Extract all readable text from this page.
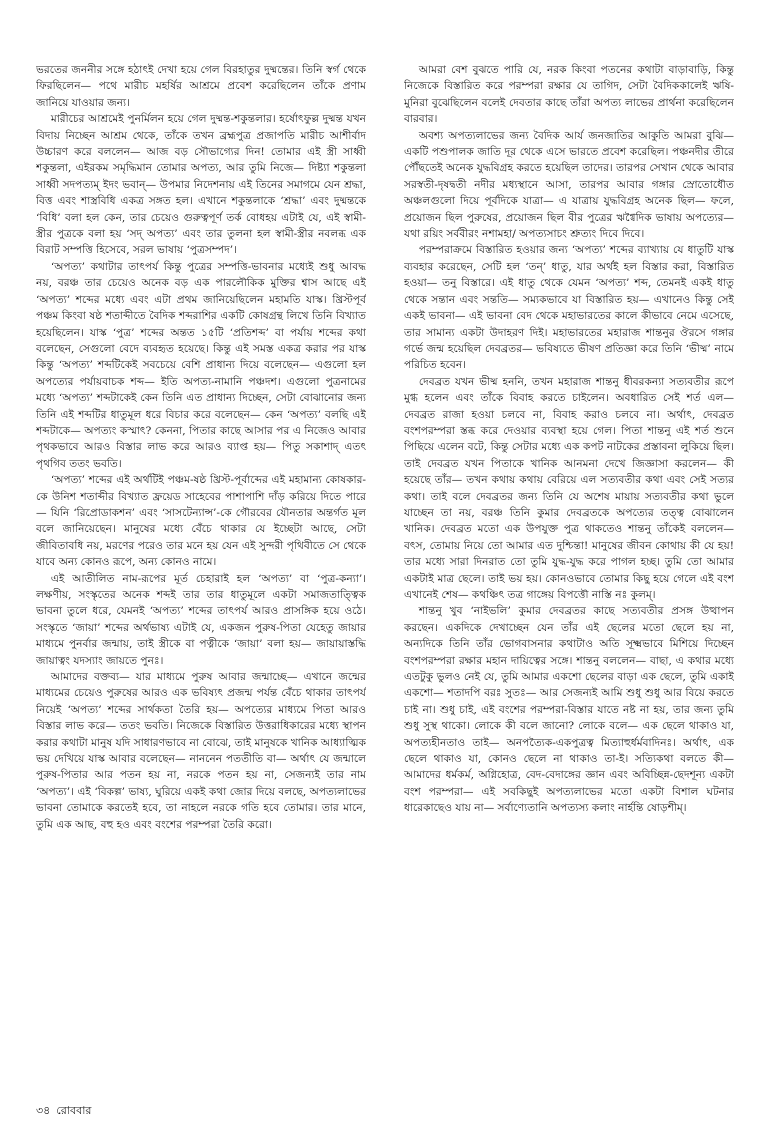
ভরতের জননীর সঙ্গে হঠাৎই দেখা হয়ে গেল বিরহাতুর দুষ্মন্তের। তিনি স্বর্গ থেকে ফিরছিলেন— পথে মারীচ মহর্ষির আশ্রমে প্রবেশ করেছিলেন তাঁকে প্রণাম জানিয়ে যাওয়ার জন্য।

মারীচের আশ্রমেই পুনর্মিলন হয়ে গেল দুষ্মন্ত-শকুন্তলার। হর্ষোৎফুল্ল দুষ্মন্ত যখন বিদায় নিচ্ছেন আশ্রম থেকে, তাঁকে তখন ব্রহ্মপুত্র প্রজাপতি মারীচ আশীর্বাদ উচ্চারণ করে বললেন— আজ বড় সৌভাগ্যের দিন! তোমার এই স্ত্রী সাধ্বী শকুন্তলা, এইরকম সমৃদ্ধিমান তোমার অপত্য, আর তুমি নিজে— দিষ্ট্যা শকুন্তলা সাধ্বী সদপত্যম্ ইদং ভবান্— উপমার নিদেশনায় এই তিনের সমাগমে যেন শ্রদ্ধা, বিত্ত এবং শাস্ত্রবিধি একত্র সঙ্গত হল। এখানে শকুন্তলাকে ‘শ্রদ্ধা’ এবং দুষ্মন্তকে ‘বিধি’ বলা হল কেন, তার চেয়েও গুরুত্বপূর্ণ তর্ক বোধহয় এটাই যে, এই স্বামী-স্ত্রীর পুত্রকে বলা হয় ‘সদ্ অপত্য’ এবং তার তুলনা হল স্বামী-স্ত্রীর নবলব্ধ এক বিরাট সম্পত্তি হিসেবে, সরল ভাষায় ‘পুত্রসম্পদ’।

‘অপত্য’ কথাটার তাৎপর্য কিন্তু পুত্রের সম্পত্তি-ভাবনার মধ্যেই শুধু আবদ্ধ নয়, বরঞ্চ তার চেয়েও অনেক বড় এক পারলৌকিক মুক্তির শ্বাস আছে এই ‘অপত্য’ শব্দের মধ্যে এবং এটা প্রথম জানিয়েছিলেন মহামতি যাস্ক। খ্রিস্টপূর্ব পঞ্চম কিংবা ষষ্ঠ শতাব্দীতে বৈদিক শব্দরাশির একটি কোষগ্রন্থ লিখে তিনি বিখ্যাত হয়েছিলেন। যাস্ক ‘পুত্র’ শব্দের অন্তত ১৫টি ‘প্রতিশব্দ’ বা পর্যায় শব্দের কথা বলেছেন, সেগুলো বেদে ব্যবহৃত হয়েছে। কিন্তু এই সমস্ত একত্র করার পর যাস্ক কিন্তু ‘অপত্য’ শব্দটিকেই সবচেয়ে বেশি প্রাধান্য দিয়ে বলেছেন— এগুলো হল অপত্যের পর্যায়বাচক শব্দ— ইতি অপত্য-নামানি পঞ্চদশ। এগুলো পুত্রনামের মধ্যে ‘অপত্য’ শব্দটাকেই কেন তিনি এত প্রাধান্য দিচ্ছেন, সেটা বোঝানোর জন্য তিনি এই শব্দটির ধাতুমূল ধরে বিচার করে বলেছেন— কেন ‘অপত্য’ বলছি এই শব্দটাকে— অপত্যং কস্মাৎ? কেননা, পিতার কাছে আসার পর এ নিজেও আবার পৃথকভাবে আরও বিস্তার লাভ করে আরও ব্যাপ্ত হয়— পিতু সকাশাদ্ এতৎ পৃথগিব ততং ভবতি।

‘অপত্য’ শব্দের এই অর্থটিই পঞ্চম-ষষ্ঠ খ্রিস্ট-পূর্বাব্দের এই মহামান্য কোষকার-কে উনিশ শতাব্দীর বিখ্যাত ফ্রয়েড সাহেবের পাশাপাশি দাঁড় করিয়ে দিতে পারে— যিনি ‘রিপ্রোডাকশন’ এবং ‘সাসটেন্যান্স’-কে গৌরবের যৌনতার অন্তর্গত মূল বলে জানিয়েছেন। মানুষের মধ্যে বেঁচে থাকার যে ইচ্ছেটা আছে, সেটা জীবিতাবধি নয়, মরণের পরেও তার মনে হয় যেন এই সুন্দরী পৃথিবীতে সে থেকে যাবে অন্য কোনও রূপে, অন্য কোনও নামে।

এই আতীলিত নাম-রূপের মূর্ত চেহারাই হল ‘অপত্য’ বা ‘পুত্র-কন্যা’। লক্ষণীয়, সংস্কৃতের অনেক শব্দই তার তার ধাতুমূলে একটা সমাজতাত্ত্বিক ভাবনা তুলে ধরে, যেমনই ‘অপত্য’ শব্দের তাৎপর্য আরও প্রাসঙ্গিক হয়ে ওঠে। সংস্কৃতে ‘জায়া’ শব্দের অর্থভাষ্য এটাই যে, একজন পুরুষ-পিতা যেহেতু জায়ার মাধ্যমে পুনর্বার জন্মায়, তাই স্ত্রীকে বা পত্নীকে ‘জায়া’ বলা হয়— জায়ায়াস্তদ্ধি জায়াত্বং যদস্যাং জায়তে পুনঃ।

আমাদের বক্তব্য— যার মাধ্যমে পুরুষ আবার জন্মাচ্ছে— এখানে জন্মের মাধ্যমের চেয়েও পুরুষের আরও এক ভবিষ্যৎ প্রজন্ম পর্যন্ত বেঁচে থাকার তাৎপর্য নিয়েই ‘অপত্য’ শব্দের সার্থকতা তৈরি হয়— অপত্যের মাধ্যমে পিতা আরও বিস্তার লাভ করে— ততং ভবতি। নিজেকে বিস্তারিত উত্তরাধিকারের মধ্যে স্থাপন করার কথাটা মানুষ যদি সাধারণভাবে না বোঝে, তাই মানুষকে খানিক আধ্যাত্মিক ভয় দেখিয়ে যাস্ক আবার বলেছেন— নাননেন পততীতি বা— অর্থাৎ যে জন্মালে পুরুষ-পিতার আর পতন হয় না, নরকে পতন হয় না, সেজন্যই তার নাম ‘অপত্য’। এই ‘বিকল্প’ ভাষ্য, ঘুরিয়ে একই কথা জোর দিয়ে বলছে, অপত্যলাভের ভাবনা তোমাকে করতেই হবে, তা নাহলে নরকে গতি হবে তোমার। তার মানে, তুমি এক আছ, বহু হও এবং বংশের পরম্পরা তৈরি করো।

আমরা বেশ বুঝতে পারি যে, নরক কিংবা পতনের কথাটা বাড়াবাড়ি, কিন্তু নিজেকে বিস্তারিত করে পরম্পরা রক্ষার যে তাগিদ, সেটা বৈদিককালেই ঋষি-মুনিরা বুঝেছিলেন বলেই দেবতার কাছে তাঁরা অপত্য লাভের প্রার্থনা করেছিলেন বারবার।

অবশ্য অপত্যলাভের জন্য বৈদিক আর্য জনজাতির আকুতি আমরা বুঝি— একটি পশুপালক জাতি দূর থেকে এসে ভারতে প্রবেশ করেছিল। পঞ্চনদীর তীরে পৌঁছতেই অনেক যুদ্ধবিগ্রহ করতে হয়েছিল তাদের। তারপর সেখান থেকে আবার সরস্বতী-দৃষদ্বতী নদীর মধ্যস্থানে আসা, তারপর আবার গঙ্গার স্রোতোধৌত অঞ্চলগুলো দিয়ে পূর্বদিকে যাত্রা— এ যাত্রায় যুদ্ধবিগ্রহ অনেক ছিল— ফলে, প্রয়োজন ছিল পুরুষের, প্রয়োজন ছিল বীর পুত্রের ঋগ্বৈদিক ভাষায় অপত্যের— যথা রয়িং সর্ববীরং নশামহা/ অপত্যসাচং শ্রুত্যং দিবে দিবে।

পরম্পরাক্রমে বিস্তারিত হওয়ার জন্য ‘অপত্য’ শব্দের ব্যাখ্যায় যে ধাতুটি যাস্ক ব্যবহার করেছেন, সেটি হল ‘তন্’ ধাতু, যার অর্থই হল বিস্তার করা, বিস্তারিত হওয়া— তনু বিস্তারে। এই ধাতু থেকে যেমন ‘অপত্য’ শব্দ, তেমনই একই ধাতু থেকে সন্তান এবং সন্ততি— সম্যকভাবে যা বিস্তারিত হয়— এখানেও কিন্তু সেই একই ভাবনা— এই ভাবনা বেদ থেকে মহাভারতের কালে কীভাবে নেমে এসেছে, তার সামান্য একটা উদাহরণ দিই। মহাভারতের মহারাজ শান্তনুর ঔরসে গঙ্গার গর্ভে জন্ম হয়েছিল দেবব্রতর— ভবিষ্যতে ভীষণ প্রতিজ্ঞা করে তিনি ‘ভীষ্ম’ নামে পরিচিত হবেন।

দেবব্রত যখন ভীষ্ম হননি, তখন মহারাজ শান্তনু ধীবরকন্যা সত্যবতীর রূপে মুগ্ধ হলেন এবং তাঁকে বিবাহ করতে চাইলেন। অবধারিত সেই শর্ত এল— দেবব্রত রাজা হওয়া চলবে না, বিবাহ করাও চলবে না। অর্থাৎ, দেবব্রত বংশপরম্পরা স্তব্ধ করে দেওয়ার ব্যবস্থা হয়ে গেল। পিতা শান্তনু এই শর্ত শুনে পিছিয়ে এলেন বটে, কিন্তু সেটার মধ্যে এক কপট নাটকের প্রস্তাবনা লুকিয়ে ছিল। তাই দেবব্রত যখন পিতাকে খানিক আনমনা দেখে জিজ্ঞাসা করলেন— কী হয়েছে তাঁর— তখন কথায় কথায় বেরিয়ে এল সত্যবতীর কথা এবং সেই সত্যর কথা। তাই বলে দেবব্রতর জন্য তিনি যে অশেষ মায়ায় সত্যবতীর কথা ভুলে যাচ্ছেন তা নয়, বরঞ্চ তিনি কুমার দেবব্রতকে অপত্যের তত্ত্ব বোঝালেন খানিক। দেবব্রত মতো এক উপযুক্ত পুত্র থাকতেও শান্তনু তাঁকেই বললেন— বৎস, তোমায় নিয়ে তো আমার এত দুশ্চিন্তা! মানুষের জীবন কোথায় কী যে হয়! তার মধ্যে সারা দিনরাত তো তুমি যুদ্ধ-যুদ্ধ করে পাগল হচ্ছ। তুমি তো আমার একটাই মাত্র ছেলে। তাই ভয় হয়। কোনওভাবে তোমার কিছু হয়ে গেলে এই বংশ এখানেই শেষ— কথঞ্চিৎ তত্র গাঙ্গেয় বিপত্তৌ নাস্তি নঃ কুলম্।

শান্তনু খুব ‘নাইভলি’ কুমার দেবব্রতর কাছে সত্যবতীর প্রসঙ্গ উত্থাপন করছেন। একদিকে দেখাচ্ছেন যেন তাঁর এই ছেলের মতো ছেলে হয় না, অন্যদিকে তিনি তাঁর ভোগবাসনার কথাটাও অতি সূক্ষ্মভাবে মিশিয়ে দিচ্ছেন বংশপরম্পরা রক্ষার মহান দায়িত্বের সঙ্গে। শান্তনু বললেন— বাছা, এ কথার মধ্যে এতটুকু ভুলও নেই যে, তুমি আমার একশো ছেলের বাড়া এক ছেলে, তুমি একাই একশো— শতাদপি বরঃ সুতঃ— আর সেজন্যই আমি শুধু শুধু আর বিয়ে করতে চাই না। শুধু চাই, এই বংশের পরম্পরা-বিস্তার যাতে নষ্ট না হয়, তার জন্য তুমি শুধু সুস্থ থাকো। লোকে কী বলে জানো? লোকে বলে— এক ছেলে থাকাও যা, অপত্যহীনতাও তাই— অনপত্যৈক-একপুত্রত্ব মিত্যাহুর্ধর্মবাদিনঃ। অর্থাৎ, এক ছেলে থাকাও যা, কোনও ছেলে না থাকাও তা-ই। সত্যিকথা বলতে কী— আমাদের ধর্মকর্ম, অগ্নিহোত্র, বেদ-বেদাঙ্গের জ্ঞান এবং অবিচ্ছিন্ন-ছেদশূন্য একটা বংশ পরম্পরা— এই সবকিছুই অপত্যলাভের মতো একটা বিশাল ঘটনার ধারেকাছেও যায় না— সর্বাণ্যেতানি অপত্যস্য কলাং নার্হন্তি ষোড়শীম্।

৩৪ রোববার
